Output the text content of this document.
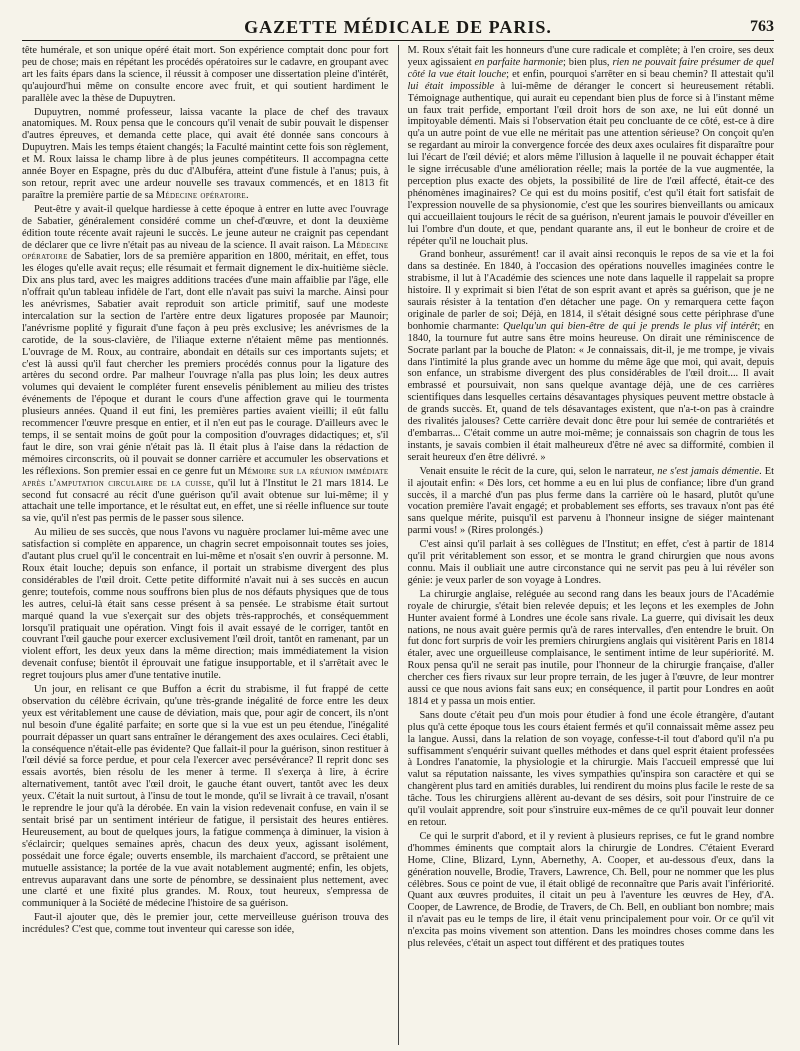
GAZETTE MÉDICALE DE PARIS.	763

tête humérale, et son unique opéré était mort. Son expérience comptait donc pour fort peu de chose; mais en répétant les procédés opératoires sur le cadavre, en groupant avec art les faits épars dans la science, il réussit à composer une dissertation pleine d'intérêt, qu'aujourd'hui même on consulte encore avec fruit, et qui soutient hardiment le parallèle avec la thèse de Dupuytren.

Dupuytren, nommé professeur, laissa vacante la place de chef des travaux anatomiques. M. Roux pensa que le concours qu'il venait de subir pouvait le dispenser d'autres épreuves, et demanda cette place, qui avait été donnée sans concours à Dupuytren. Mais les temps étaient changés; la Faculté maintint cette fois son règlement, et M. Roux laissa le champ libre à de plus jeunes compétiteurs. Il accompagna cette année Boyer en Espagne, près du duc d'Albuféra, atteint d'une fistule à l'anus; puis, à son retour, reprit avec une ardeur nouvelle ses travaux commencés, et en 1813 fit paraître la première partie de sa Médecine opératoire.

Peut-être y avait-il quelque hardiesse à cette époque à entrer en lutte avec l'ouvrage de Sabatier, généralement considéré comme un chef-d'œuvre, et dont la deuxième édition toute récente avait rajeuni le succès. Le jeune auteur ne craignit pas cependant de déclarer que ce livre n'était pas au niveau de la science. Il avait raison. La Médecine opératoire de Sabatier, lors de sa première apparition en 1800, méritait, en effet, tous les éloges qu'elle avait reçus; elle résumait et fermait dignement le dix-huitième siècle. Dix ans plus tard, avec les maigres additions tracées d'une main affaiblie par l'âge, elle n'offrait qu'un tableau infidèle de l'art, dont elle n'avait pas suivi la marche. Ainsi pour les anévrismes, Sabatier avait reproduit son article primitif, sauf une modeste intercalation sur la section de l'artère entre deux ligatures proposée par Maunoir; l'anévrisme poplité y figurait d'une façon à peu près exclusive; les anévrismes de la carotide, de la sous-clavière, de l'iliaque externe n'étaient même pas mentionnés. L'ouvrage de M. Roux, au contraire, abondait en détails sur ces importants sujets; et c'est là aussi qu'il faut chercher les premiers procédés connus pour la ligature des artères du second ordre. Par malheur l'ouvrage n'alla pas plus loin; les deux autres volumes qui devaient le compléter furent ensevelis péniblement au milieu des tristes événements de l'époque et durant le cours d'une affection grave qui le tourmenta plusieurs années. Quand il eut fini, les premières parties avaient vieilli; il eût fallu recommencer l'œuvre presque en entier, et il n'en eut pas le courage. D'ailleurs avec le temps, il se sentait moins de goût pour la composition d'ouvrages didactiques; et, s'il faut le dire, son vrai génie n'était pas là. Il était plus à l'aise dans la rédaction de mémoires circonscrits, où il pouvait se donner carrière et accumuler les observations et les réflexions. Son premier essai en ce genre fut un Mémoire sur la réunion immédiate après l'amputation circulaire de la cuisse, qu'il lut à l'Institut le 21 mars 1814. Le second fut consacré au récit d'une guérison qu'il avait obtenue sur lui-même; il y attachait une telle importance, et le résultat eut, en effet, une si réelle influence sur toute sa vie, qu'il n'est pas permis de le passer sous silence.

Au milieu de ses succès, que nous l'avons vu naguère proclamer lui-même avec une satisfaction si complète en apparence, un chagrin secret empoisonnait toutes ses joies, d'autant plus cruel qu'il le concentrait en lui-même et n'osait s'en ouvrir à personne. M. Roux était louche; depuis son enfance, il portait un strabisme divergent des plus considérables de l'œil droit. Cette petite difformité n'avait nui à ses succès en aucun genre; toutefois, comme nous souffrons bien plus de nos défauts physiques que de tous les autres, celui-là était sans cesse présent à sa pensée. Le strabisme était surtout marqué quand la vue s'exerçait sur des objets très-rapprochés, et conséquemment lorsqu'il pratiquait une opération. Vingt fois il avait essayé de le corriger, tantôt en couvrant l'œil gauche pour exercer exclusivement l'œil droit, tantôt en ramenant, par un violent effort, les deux yeux dans la même direction; mais immédiatement la vision devenait confuse; bientôt il éprouvait une fatigue insupportable, et il s'arrêtait avec le regret toujours plus amer d'une tentative inutile.

Un jour, en relisant ce que Buffon a écrit du strabisme, il fut frappé de cette observation du célèbre écrivain, qu'une très-grande inégalité de force entre les deux yeux est véritablement une cause de déviation, mais que, pour agir de concert, ils n'ont nul besoin d'une égalité parfaite; en sorte que si la vue est un peu étendue, l'inégalité pourrait dépasser un quart sans entraîner le dérangement des axes oculaires. Ceci établi, la conséquence n'était-elle pas évidente? Que fallait-il pour la guérison, sinon restituer à l'œil dévié sa force perdue, et pour cela l'exercer avec persévérance? Il reprit donc ses essais avortés, bien résolu de les mener à terme. Il s'exerça à lire, à écrire alternativement, tantôt avec l'œil droit, le gauche étant ouvert, tantôt avec les deux yeux. C'était la nuit surtout, à l'insu de tout le monde, qu'il se livrait à ce travail, n'osant le reprendre le jour qu'à la dérobée. En vain la vision redevenait confuse, en vain il se sentait brisé par un sentiment intérieur de fatigue, il persistait des heures entières. Heureusement, au bout de quelques jours, la fatigue commença à diminuer, la vision à s'éclaircir; quelques semaines après, chacun des deux yeux, agissant isolément, possédait une force égale; ouverts ensemble, ils marchaient d'accord, se prêtaient une mutuelle assistance; la portée de la vue avait notablement augmenté; enfin, les objets, entrevus auparavant dans une sorte de pénombre, se dessinaient plus nettement, avec une clarté et une fixité plus grandes. M. Roux, tout heureux, s'empressa de communiquer à la Société de médecine l'histoire de sa guérison.

Faut-il ajouter que, dès le premier jour, cette merveilleuse guérison trouva des incrédules? C'est que, comme tout inventeur qui caresse son idée,

M. Roux s'était fait les honneurs d'une cure radicale et complète; à l'en croire, ses deux yeux agissaient en parfaite harmonie; bien plus, rien ne pouvait faire présumer de quel côté la vue était louche; et enfin, pourquoi s'arrêter en si beau chemin? Il attestait qu'il lui était impossible à lui-même de déranger le concert si heureusement rétabli. Témoignage authentique, qui aurait eu cependant bien plus de force si à l'instant même un faux trait perfide, emportant l'œil droit hors de son axe, ne lui eût donné un impitoyable démenti. Mais si l'observation était peu concluante de ce côté, est-ce à dire qu'a un autre point de vue elle ne méritait pas une attention sérieuse? On conçoit qu'en se regardant au miroir la convergence forcée des deux axes oculaires fit disparaître pour lui l'écart de l'œil dévié; et alors même l'illusion à laquelle il ne pouvait échapper était le signe irrécusable d'une amélioration réelle; mais la portée de la vue augmentée, la perception plus exacte des objets, la possibilité de lire de l'œil affecté, était-ce des phénomènes imaginaires? Ce qui est du moins positif, c'est qu'il était fort satisfait de l'expression nouvelle de sa physionomie, c'est que les sourires bienveillants ou amicaux qui accueillaient toujours le récit de sa guérison, n'eurent jamais le pouvoir d'éveiller en lui l'ombre d'un doute, et que, pendant quarante ans, il eut le bonheur de croire et de répéter qu'il ne louchait plus.

Grand bonheur, assurément! car il avait ainsi reconquis le repos de sa vie et la foi dans sa destinée. En 1840, à l'occasion des opérations nouvelles imaginées contre le strabisme, il lut à l'Académie des sciences une note dans laquelle il rappelait sa propre histoire. Il y exprimait si bien l'état de son esprit avant et après sa guérison, que je ne saurais résister à la tentation d'en détacher une page. On y remarquera cette façon originale de parler de soi; Déjà, en 1814, il s'était désigné sous cette périphrase d'une bonhomie charmante: Quelqu'un qui bien-être de qui je prends le plus vif intérêt; en 1840, la tournure fut autre sans être moins heureuse. On dirait une réminiscence de Socrate parlant par la bouche de Platon: « Je connaissais, dit-il, je me trompe, je vivais dans l'intimité la plus grande avec un homme du même âge que moi, qui avait, depuis son enfance, un strabisme divergent des plus considérables de l'œil droit.... Il avait embrassé et poursuivait, non sans quelque avantage déjà, une de ces carrières scientifiques dans lesquelles certains désavantages physiques peuvent mettre obstacle à de grands succès. Et, quand de tels désavantages existent, que n'a-t-on pas à craindre des rivalités jalouses? Cette carrière devait donc être pour lui semée de contrariétés et d'embarras... C'était comme un autre moi-même; je connaissais son chagrin de tous les instants, je savais combien il était malheureux d'être né avec sa difformité, combien il serait heureux d'en être délivré. »

Venait ensuite le récit de la cure, qui, selon le narrateur, ne s'est jamais démentie. Et il ajoutait enfin: « Dès lors, cet homme a eu en lui plus de confiance; libre d'un grand succès, il a marché d'un pas plus ferme dans la carrière où le hasard, plutôt qu'une vocation première l'avait engagé; et probablement ses efforts, ses travaux n'ont pas été sans quelque mérite, puisqu'il est parvenu à l'honneur insigne de siéger maintenant parmi vous! » (Rires prolongés.)

C'est ainsi qu'il parlait à ses collègues de l'Institut; en effet, c'est à partir de 1814 qu'il prit véritablement son essor, et se montra le grand chirurgien que nous avons connu. Mais il oubliait une autre circonstance qui ne servit pas peu à lui révéler son génie: je veux parler de son voyage à Londres.

La chirurgie anglaise, reléguée au second rang dans les beaux jours de l'Académie royale de chirurgie, s'était bien relevée depuis; et les leçons et les exemples de John Hunter avaient formé à Londres une école sans rivale. La guerre, qui divisait les deux nations, ne nous avait guère permis qu'à de rares intervalles, d'en entendre le bruit. On fut donc fort surpris de voir les premiers chirurgiens anglais qui visitèrent Paris en 1814 étaler, avec une orgueilleuse complaisance, le sentiment intime de leur supériorité. M. Roux pensa qu'il ne serait pas inutile, pour l'honneur de la chirurgie française, d'aller chercher ces fiers rivaux sur leur propre terrain, de les juger à l'œuvre, de leur montrer aussi ce que nous avions fait sans eux; en conséquence, il partit pour Londres en août 1814 et y passa un mois entier.

Sans doute c'était peu d'un mois pour étudier à fond une école étrangère, d'autant plus qu'à cette époque tous les cours étaient fermés et qu'il connaissait même assez peu la langue. Aussi, dans la relation de son voyage, confesse-t-il tout d'abord qu'il n'a pu suffisamment s'enquérir suivant quelles méthodes et dans quel esprit étaient professées à Londres l'anatomie, la physiologie et la chirurgie. Mais l'accueil empressé que lui valut sa réputation naissante, les vives sympathies qu'inspira son caractère et qui se changèrent plus tard en amitiés durables, lui rendirent du moins plus facile le reste de sa tâche. Tous les chirurgiens allèrent au-devant de ses désirs, soit pour l'instruire de ce qu'il voulait apprendre, soit pour s'instruire eux-mêmes de ce qu'il pouvait leur donner en retour.

Ce qui le surprit d'abord, et il y revient à plusieurs reprises, ce fut le grand nombre d'hommes éminents que comptait alors la chirurgie de Londres. C'étaient Everard Home, Cline, Blizard, Lynn, Abernethy, A. Cooper, et au-dessous d'eux, dans la génération nouvelle, Brodie, Travers, Lawrence, Ch. Bell, pour ne nommer que les plus célèbres. Sous ce point de vue, il était obligé de reconnaître que Paris avait l'infériorité. Quant aux œuvres produites, il citait un peu à l'aventure les œuvres de Hey, d'A. Cooper, de Lawrence, de Brodie, de Travers, de Ch. Bell, en oubliant bon nombre; mais il n'avait pas eu le temps de lire, il était venu principalement pour voir. Or ce qu'il vit n'excita pas moins vivement son attention. Dans les moindres choses comme dans les plus relevées, c'était un aspect tout différent et des pratiques toutes
